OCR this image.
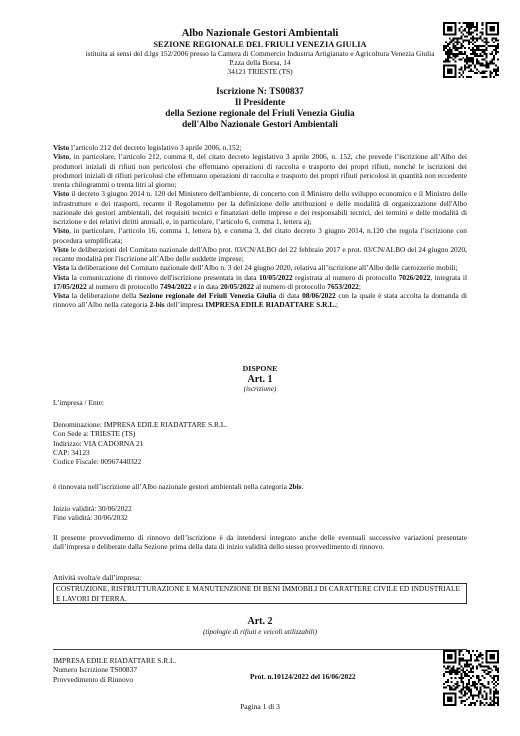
Albo Nazionale Gestori Ambientali
SEZIONE REGIONALE DEL FRIULI VENEZIA GIULIA
istituita ai sensi del d.lgs 152/2006 presso la Camera di Commercio Industria Artigianato e Agricoltura Venezia Giulia
P.zza della Borsa, 14
34121 TRIESTE (TS)
Iscrizione N: TS00837
Il Presidente
della Sezione regionale del Friuli Venezia Giulia
dell'Albo Nazionale Gestori Ambientali

Visto l’articolo 212 del decreto legislativo 3 aprile 2006, n.152;

Visto, in particolare, l’articolo 212, comma 8, del citato decreto legislativo 3 aprile 2006, n. 152, che prevede l’iscrizione all’Albo dei produttori iniziali di rifiuti non pericolosi che effettuano operazioni di raccolta e trasporto dei propri rifiuti, nonché le iscrizioni dei produttori iniziali di rifiuti pericolosi che effettuano operazioni di raccolta e trasporto dei propri rifiuti pericolosi in quantità non eccedente trenta chilogrammi o trenta litri al giorno;

Visto il decreto 3 giugno 2014 n. 120 del Ministero dell'ambiente, di concerto con il Ministro dello sviluppo economico e il Ministro delle infrastrutture e dei trasporti, recante il Regolamento per la definizione delle attribuzioni e delle modalità di organizzazione dell'Albo nazionale dei gestori ambientali, dei requisiti tecnici e finanziari delle imprese e dei responsabili tecnici, dei termini e delle modalità di iscrizione e dei relativi diritti annuali, e, in particolare, l’articolo 6, comma 1, lettera a);

Visto, in particolare, l’articolo 16, comma 1, lettera b), e comma 3, del citato decreto 3 giugno 2014, n.120 che regola l’iscrizione con procedura semplificata;

Viste le deliberazioni del Comitato nazionale dell'Albo prot. 03/CN/ALBO del 22 febbraio 2017 e prot. 03/CN/ALBO del 24 giugno 2020, recante modalità per l'iscrizione all’Albo delle suddette imprese;

Vista la deliberazione del Comitato nazionale dell’Albo n. 3 del 24 giugno 2020, relativa all’iscrizione all’Albo delle carrozzerie mobili;

Vista la comunicazione di rinnovo dell'iscrizione presentata in data 10/05/2022 registrata al numero di protocollo 7026/2022, integrata il 17/05/2022 al numero di protocollo 7494/2022 e in data 20/05/2022 al numero di protocollo 7653/2022;

Vista la deliberazione della Sezione regionale del Friuli Venezia Giulia di data 08/06/2022 con la quale è stata accolta la domanda di rinnovo all’Albo nella categoria 2-bis dell’impresa IMPRESA EDILE RIADATTARE S.R.L.;

DISPONE
Art. 1
(iscrizione)
L’impresa / Ente:
Denominazione: IMPRESA EDILE RIADATTARE S.R.L.
Con Sede a: TRIESTE (TS)
Indirizzo: VIA CADORNA 21
CAP: 34123
Codice Fiscale: 00967440322
è rinnovata nell’iscrizione all’Albo nazionale gestori ambientali nella categoria 2bis.
Inizio validità: 30/06/2022
Fine validità: 30/06/2032
Il presente provvedimento di rinnovo dell’iscrizione è da intendersi integrato anche delle eventuali successive variazioni presentate dall’impresa e deliberate dalla Sezione prima della data di inizio validità dello stesso provvedimento di rinnovo.
Attività svolta/e dall’impresa:
COSTRUZIONE, RISTRUTTURAZIONE E MANUTENZIONE DI BENI IMMOBILI DI CARATTERE CIVILE ED INDUSTRIALE E LAVORI DI TERRA.
Art. 2
(tipologie di rifiuti e veicoli utilizzabili)
IMPRESA EDILE RIADATTARE S.R.L.
Numero Iscrizione TS00837
Provvedimento di Rinnovo	Prot. n.10124/2022 del 16/06/2022
Pagina 1 di 3
